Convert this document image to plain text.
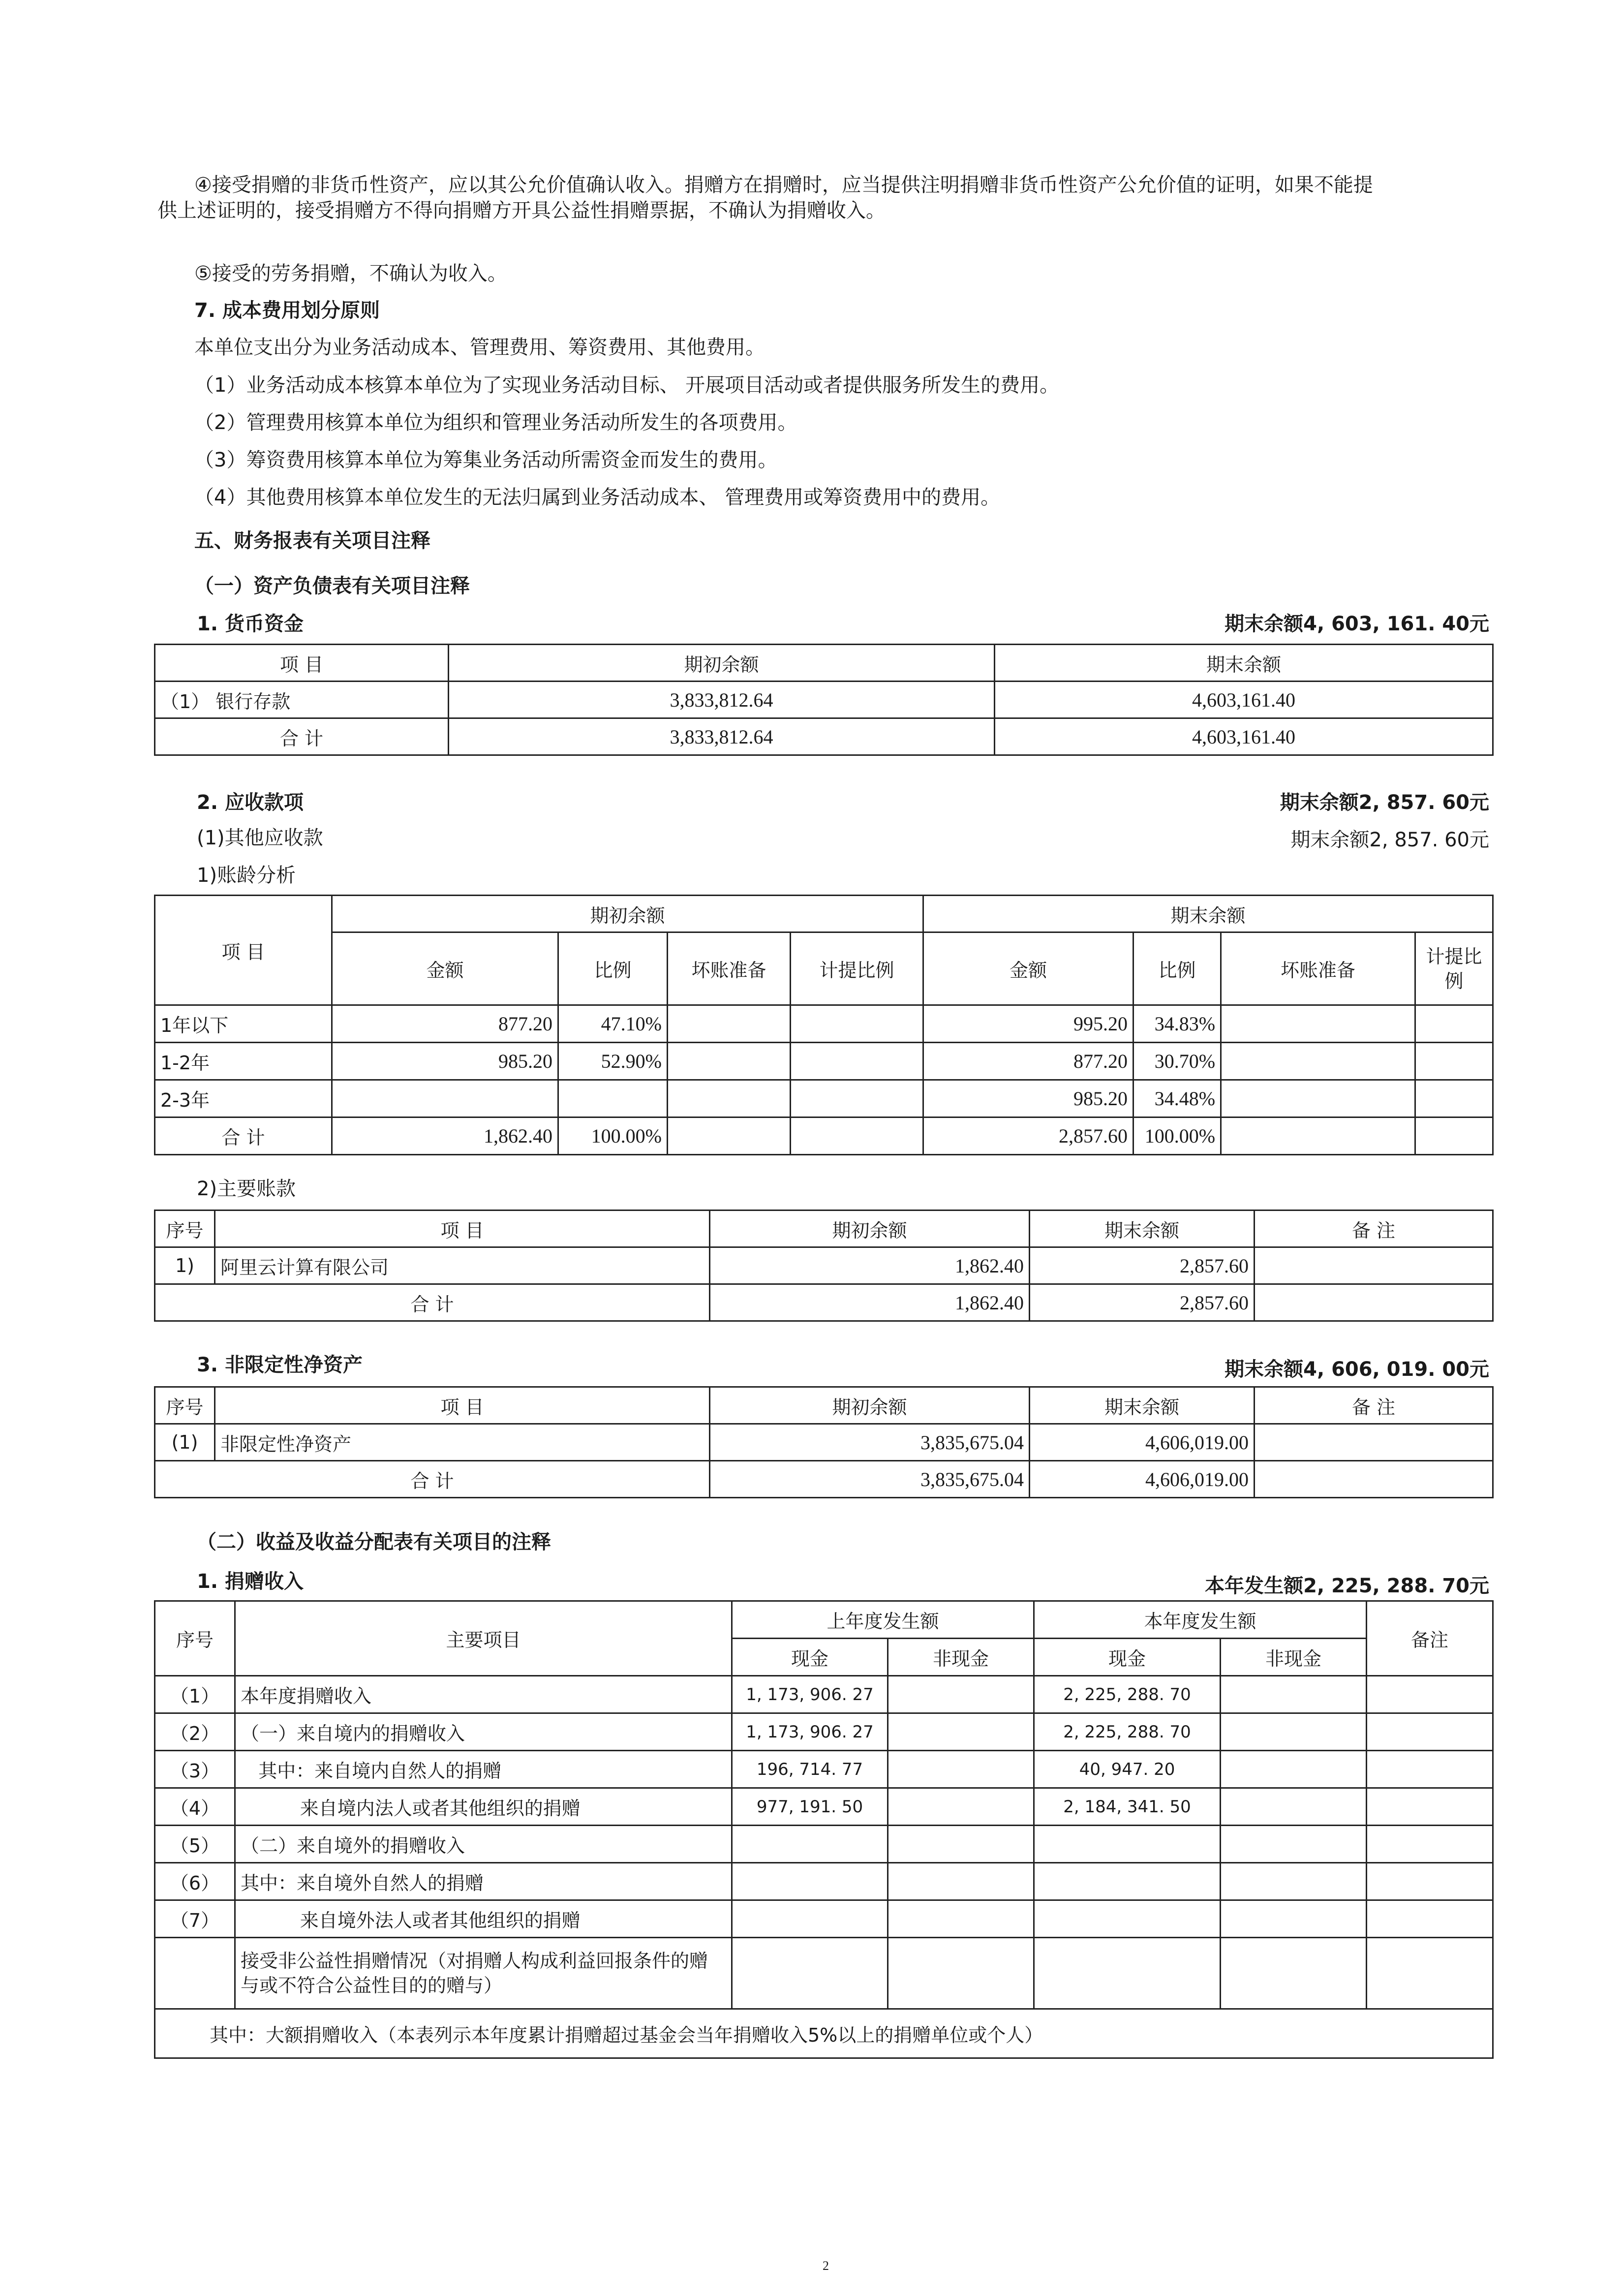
④接受捐赠的非货币性资产，应以其公允价值确认收入。捐赠方在捐赠时，应当提供注明捐赠非货币性资产公允价值的证明，如果不能提
供上述证明的，接受捐赠方不得向捐赠方开具公益性捐赠票据，不确认为捐赠收入。
⑤接受的劳务捐赠，不确认为收入。
7. 成本费用划分原则
本单位支出分为业务活动成本、管理费用、筹资费用、其他费用。
（1）业务活动成本核算本单位为了实现业务活动目标、 开展项目活动或者提供服务所发生的费用。
（2）管理费用核算本单位为组织和管理业务活动所发生的各项费用。
（3）筹资费用核算本单位为筹集业务活动所需资金而发生的费用。
（4）其他费用核算本单位发生的无法归属到业务活动成本、 管理费用或筹资费用中的费用。
五、财务报表有关项目注释
（一）资产负债表有关项目注释
1. 货币资金	期末余额4, 603, 161. 40元
项 目	期初余额	期末余额
（1） 银行存款	3,833,812.64	4,603,161.40
合 计	3,833,812.64	4,603,161.40
2. 应收款项	期末余额2, 857. 60元
(1)其他应收款	期末余额2, 857. 60元
1)账龄分析
项 目	期初余额				期末余额			
	金额	比例	坏账准备	计提比例	金额	比例	坏账准备	计提比例
1年以下	877.20	47.10%			995.20	34.83%		
1-2年	985.20	52.90%			877.20	30.70%		
2-3年					985.20	34.48%		
合 计	1,862.40	100.00%			2,857.60	100.00%		
2)主要账款
序号	项 目	期初余额	期末余额	备 注
1)	阿里云计算有限公司	1,862.40	2,857.60	
合 计		1,862.40	2,857.60	
3. 非限定性净资产	期末余额4, 606, 019. 00元
序号	项 目	期初余额	期末余额	备 注
(1)	非限定性净资产	3,835,675.04	4,606,019.00	
合 计		3,835,675.04	4,606,019.00	
（二）收益及收益分配表有关项目的注释
1. 捐赠收入	本年发生额2, 225, 288. 70元
序号	主要项目	上年度发生额		本年度发生额		备注
		现金	非现金	现金	非现金	
（1）	本年度捐赠收入	1, 173, 906. 27		2, 225, 288. 70		
（2）	（一）来自境内的捐赠收入	1, 173, 906. 27		2, 225, 288. 70		
（3）	其中：来自境内自然人的捐赠	196, 714. 77		40, 947. 20		
（4）	来自境内法人或者其他组织的捐赠	977, 191. 50		2, 184, 341. 50		
（5）	（二）来自境外的捐赠收入					
（6）	其中：来自境外自然人的捐赠					
（7）	来自境外法人或者其他组织的捐赠					
	接受非公益性捐赠情况（对捐赠人构成利益回报条件的赠与或不符合公益性目的的赠与）					
其中：大额捐赠收入（本表列示本年度累计捐赠超过基金会当年捐赠收入5%以上的捐赠单位或个人）						
2
